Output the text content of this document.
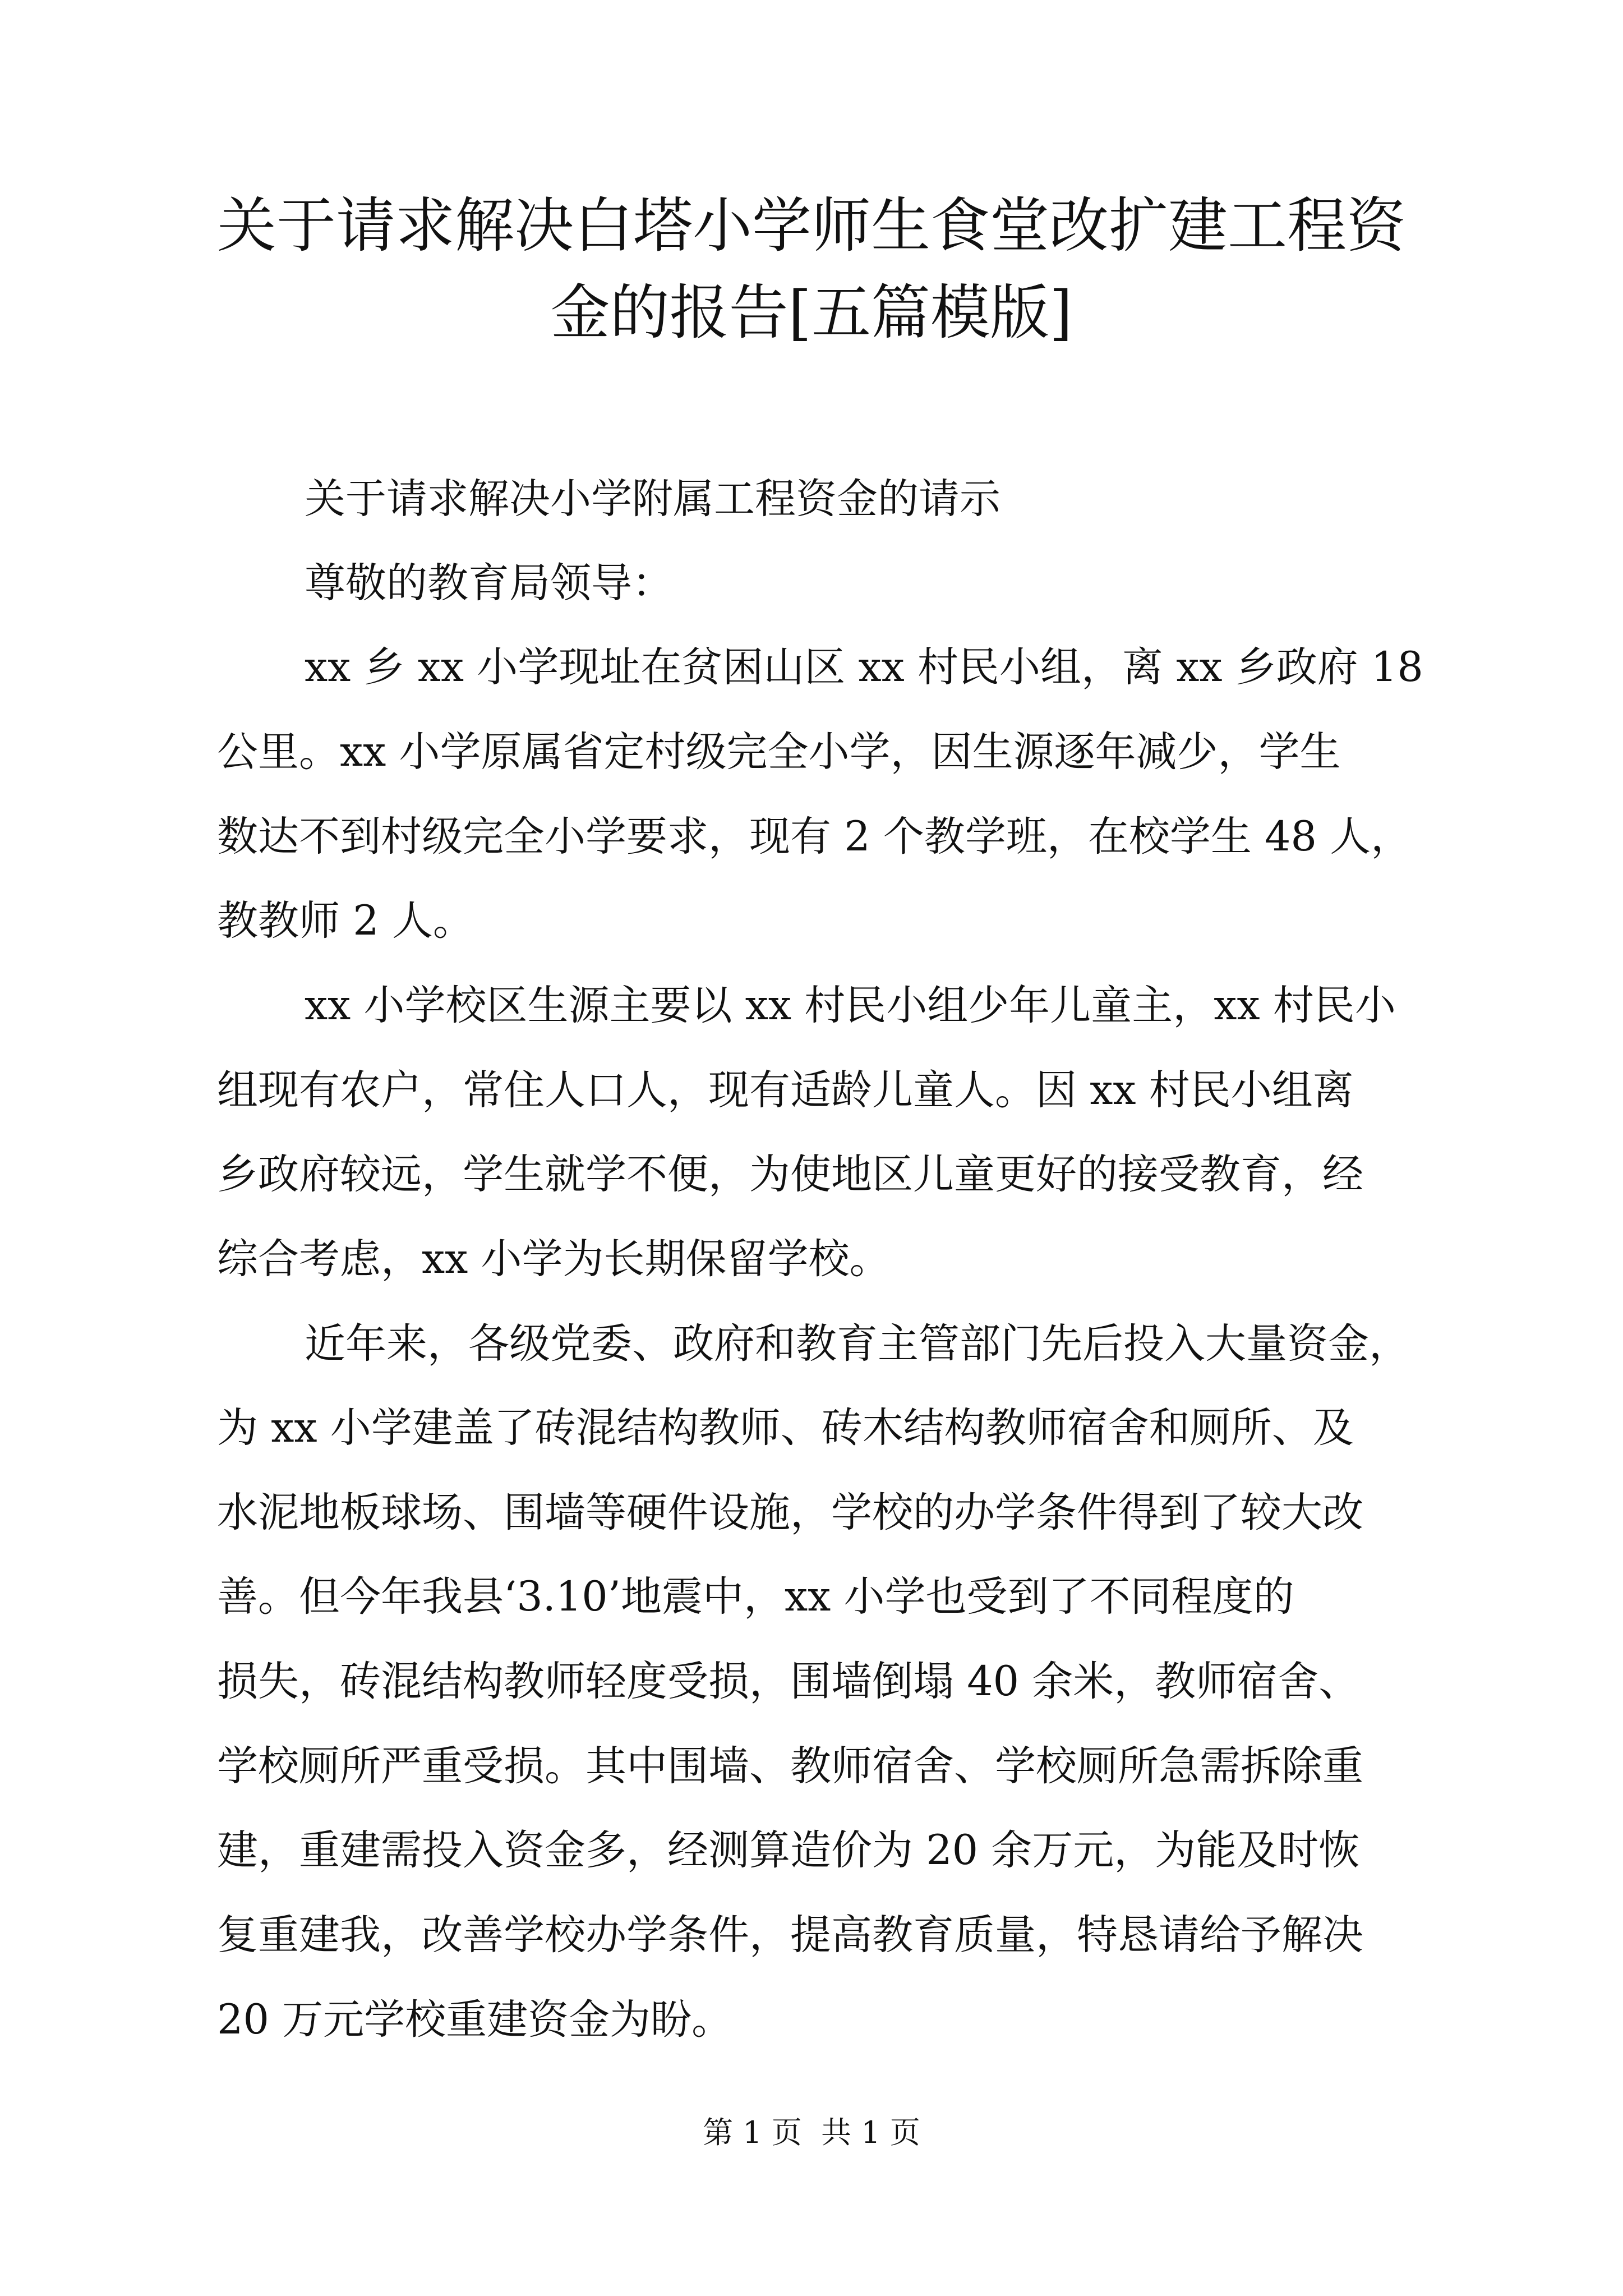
关于请求解决白塔小学师生食堂改扩建工程资
金的报告[五篇模版]
关于请求解决小学附属工程资金的请示
尊敬的教育局领导：
xx 乡 xx 小学现址在贫困山区 xx 村民小组，离 xx 乡政府 18
公里。xx 小学原属省定村级完全小学，因生源逐年减少，学生
数达不到村级完全小学要求，现有 2 个教学班，在校学生 48 人，
教教师 2 人。
xx 小学校区生源主要以 xx 村民小组少年儿童主，xx 村民小
组现有农户，常住人口人，现有适龄儿童人。因 xx 村民小组离
乡政府较远，学生就学不便，为使地区儿童更好的接受教育，经
综合考虑，xx 小学为长期保留学校。
近年来，各级党委、政府和教育主管部门先后投入大量资金，
为 xx 小学建盖了砖混结构教师、砖木结构教师宿舍和厕所、及
水泥地板球场、围墙等硬件设施，学校的办学条件得到了较大改
善。但今年我县‘3.10’地震中，xx 小学也受到了不同程度的
损失，砖混结构教师轻度受损，围墙倒塌 40 余米，教师宿舍、
学校厕所严重受损。其中围墙、教师宿舍、学校厕所急需拆除重
建，重建需投入资金多，经测算造价为 20 余万元，为能及时恢
复重建我，改善学校办学条件，提高教育质量，特恳请给予解决
20 万元学校重建资金为盼。
第 1 页  共 1 页
